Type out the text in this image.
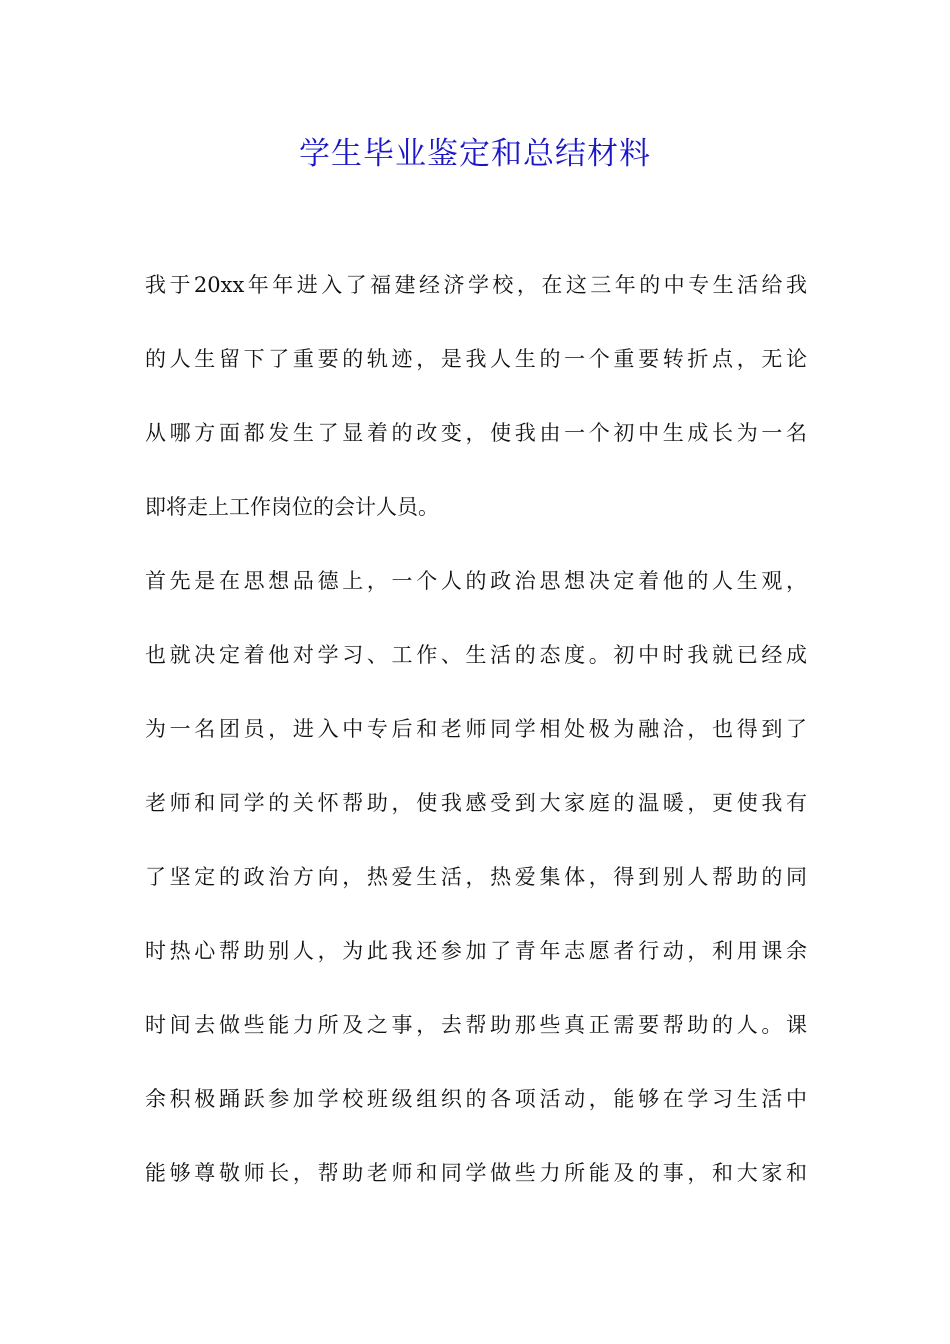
学生毕业鉴定和总结材料
我于20xx年年进入了福建经济学校，在这三年的中专生活给我
的人生留下了重要的轨迹，是我人生的一个重要转折点，无论
从哪方面都发生了显着的改变，使我由一个初中生成长为一名
即将走上工作岗位的会计人员。
首先是在思想品德上，一个人的政治思想决定着他的人生观，
也就决定着他对学习、工作、生活的态度。初中时我就已经成
为一名团员，进入中专后和老师同学相处极为融洽，也得到了
老师和同学的关怀帮助，使我感受到大家庭的温暖，更使我有
了坚定的政治方向，热爱生活，热爱集体，得到别人帮助的同
时热心帮助别人，为此我还参加了青年志愿者行动，利用课余
时间去做些能力所及之事，去帮助那些真正需要帮助的人。课
余积极踊跃参加学校班级组织的各项活动，能够在学习生活中
能够尊敬师长，帮助老师和同学做些力所能及的事，和大家和
